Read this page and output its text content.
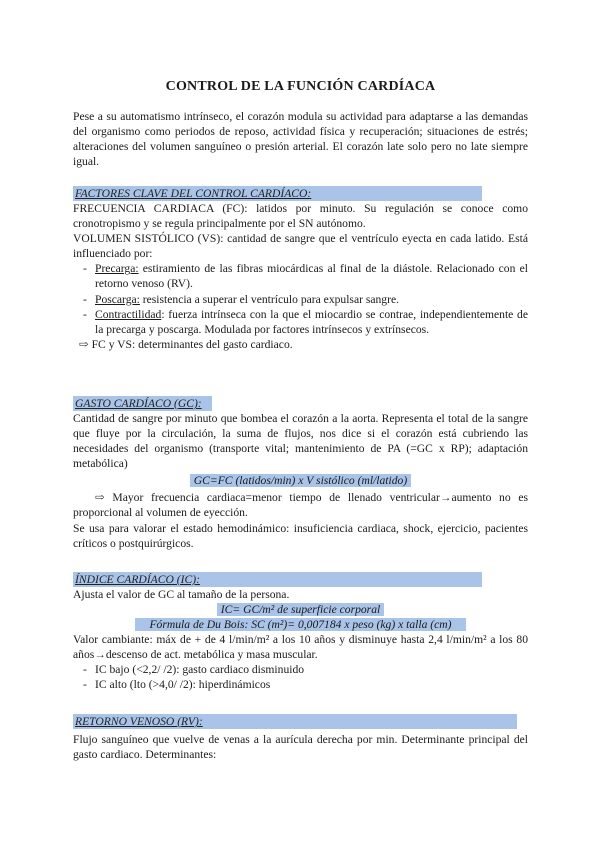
CONTROL DE LA FUNCIÓN CARDÍACA

Pese a su automatismo intrínseco, el corazón modula su actividad para adaptarse a las demandas del organismo como periodos de reposo, actividad física y recuperación; situaciones de estrés; alteraciones del volumen sanguíneo o presión arterial. El corazón late solo pero no late siempre igual.

FACTORES CLAVE DEL CONTROL CARDÍACO:

FRECUENCIA CARDIACA (FC): latidos por minuto. Su regulación se conoce como cronotropismo y se regula principalmente por el SN autónomo.

VOLUMEN SISTÓLICO (VS): cantidad de sangre que el ventrículo eyecta en cada latido. Está influenciado por:

- Precarga: estiramiento de las fibras miocárdicas al final de la diástole. Relacionado con el retorno venoso (RV).
- Poscarga: resistencia a superar el ventrículo para expulsar sangre.
- Contractilidad: fuerza intrínseca con la que el miocardio se contrae, independientemente de la precarga y poscarga. Modulada por factores intrínsecos y extrínsecos.
⇨ FC y VS: determinantes del gasto cardiaco.
GASTO CARDÍACO (GC):

Cantidad de sangre por minuto que bombea el corazón a la aorta. Representa el total de la sangre que fluye por la circulación, la suma de flujos, nos dice si el corazón está cubriendo las necesidades del organismo (transporte vital; mantenimiento de PA (=GC x RP); adaptación metabólica)

GC=FC (latidos/min) x V sistólico (ml/latido)

⇨ Mayor frecuencia cardiaca=menor tiempo de llenado ventricular→aumento no es proporcional al volumen de eyección.

Se usa para valorar el estado hemodinámico: insuficiencia cardiaca, shock, ejercicio, pacientes críticos o postquirúrgicos.

ÍNDICE CARDÍACO (IC):

Ajusta el valor de GC al tamaño de la persona.

IC= GC/m² de superficie corporal
Fórmula de Du Bois: SC (m²)= 0,007184 x peso (kg) x talla (cm)

Valor cambiante: máx de + de 4 l/min/m² a los 10 años y disminuye hasta 2,4 l/min/m² a los 80 años→descenso de act. metabólica y masa muscular.

- IC bajo (<2,2/ /2): gasto cardiaco disminuido
- IC alto (lto (>4,0/ /2): hiperdinámicos
RETORNO VENOSO (RV):

Flujo sanguíneo que vuelve de venas a la aurícula derecha por min. Determinante principal del gasto cardiaco. Determinantes:
